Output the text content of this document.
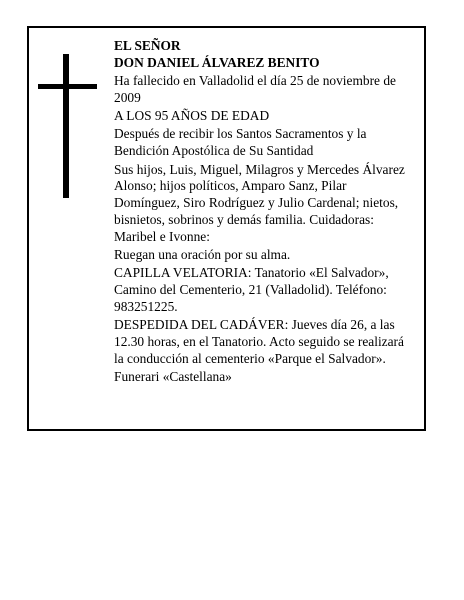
EL SEÑOR

DON DANIEL ÁLVAREZ BENITO

Ha fallecido en Valladolid el día 25 de noviembre de
2009

A LOS 95 AÑOS DE EDAD

Después de recibir los Santos Sacramentos y la
Bendición Apostólica de Su Santidad

Sus hijos, Luis, Miguel, Milagros y Mercedes Álvarez
Alonso; hijos políticos, Amparo Sanz, Pilar
Domínguez, Siro Rodríguez y Julio Cardenal; nietos,
bisnietos, sobrinos y demás familia. Cuidadoras:
Maribel e Ivonne:

Ruegan una oración por su alma.

CAPILLA VELATORIA: Tanatorio «El Salvador»,
Camino del Cementerio, 21 (Valladolid). Teléfono:
983251225.

DESPEDIDA DEL CADÁVER: Jueves día 26, a las
12.30 horas, en el Tanatorio. Acto seguido se realizará
la conducción al cementerio «Parque el Salvador».

Funerari «Castellana»
